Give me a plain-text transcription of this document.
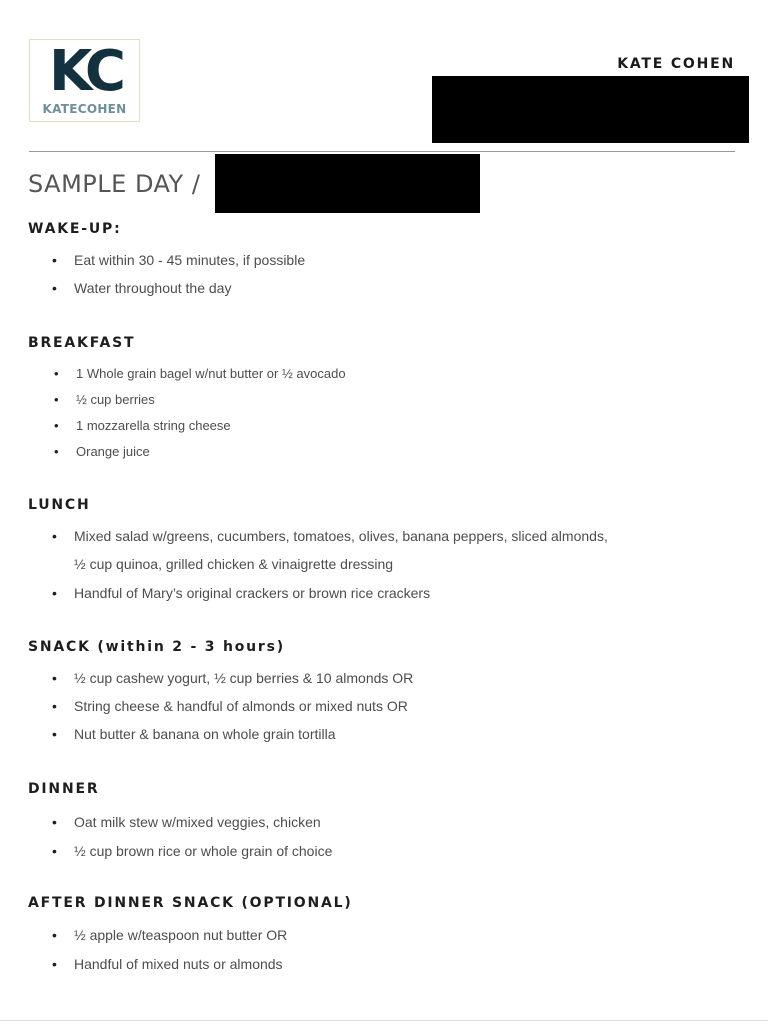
KC
KATECOHEN
KATE COHEN
SAMPLE DAY /
WAKE-UP:
• Eat within 30 - 45 minutes, if possible
• Water throughout the day
BREAKFAST
• 1 Whole grain bagel w/nut butter or ½ avocado
• ½ cup berries
• 1 mozzarella string cheese
• Orange juice
LUNCH
• Mixed salad w/greens, cucumbers, tomatoes, olives, banana peppers, sliced almonds,
½ cup quinoa, grilled chicken & vinaigrette dressing
• Handful of Mary’s original crackers or brown rice crackers
SNACK (within 2 - 3 hours)
• ½ cup cashew yogurt, ½ cup berries & 10 almonds OR
• String cheese & handful of almonds or mixed nuts OR
• Nut butter & banana on whole grain tortilla
DINNER
• Oat milk stew w/mixed veggies, chicken
• ½ cup brown rice or whole grain of choice
AFTER DINNER SNACK (OPTIONAL)
• ½ apple w/teaspoon nut butter OR
• Handful of mixed nuts or almonds
